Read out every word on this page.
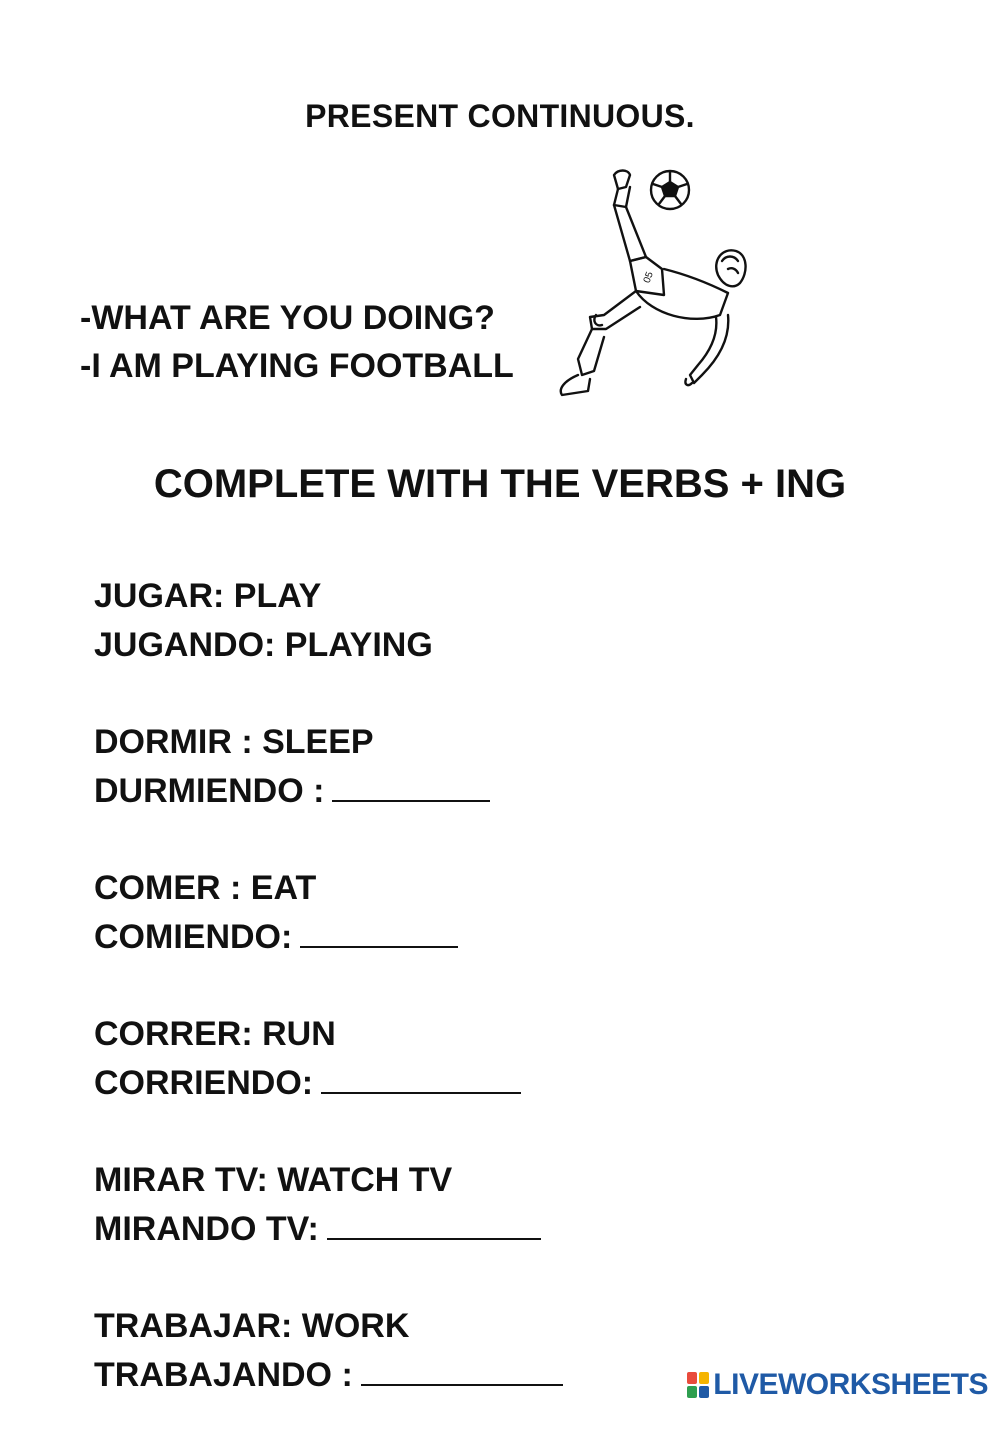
PRESENT CONTINUOUS.
-WHAT ARE YOU DOING?
-I AM PLAYING FOOTBALL
05
COMPLETE WITH THE VERBS + ING
JUGAR: PLAY
JUGANDO: PLAYING
DORMIR : SLEEP
DURMIENDO :
COMER : EAT
COMIENDO:
CORRER: RUN
CORRIENDO:
MIRAR TV: WATCH TV
MIRANDO TV:
TRABAJAR: WORK
TRABAJANDO :	LIVEWORKSHEETS
